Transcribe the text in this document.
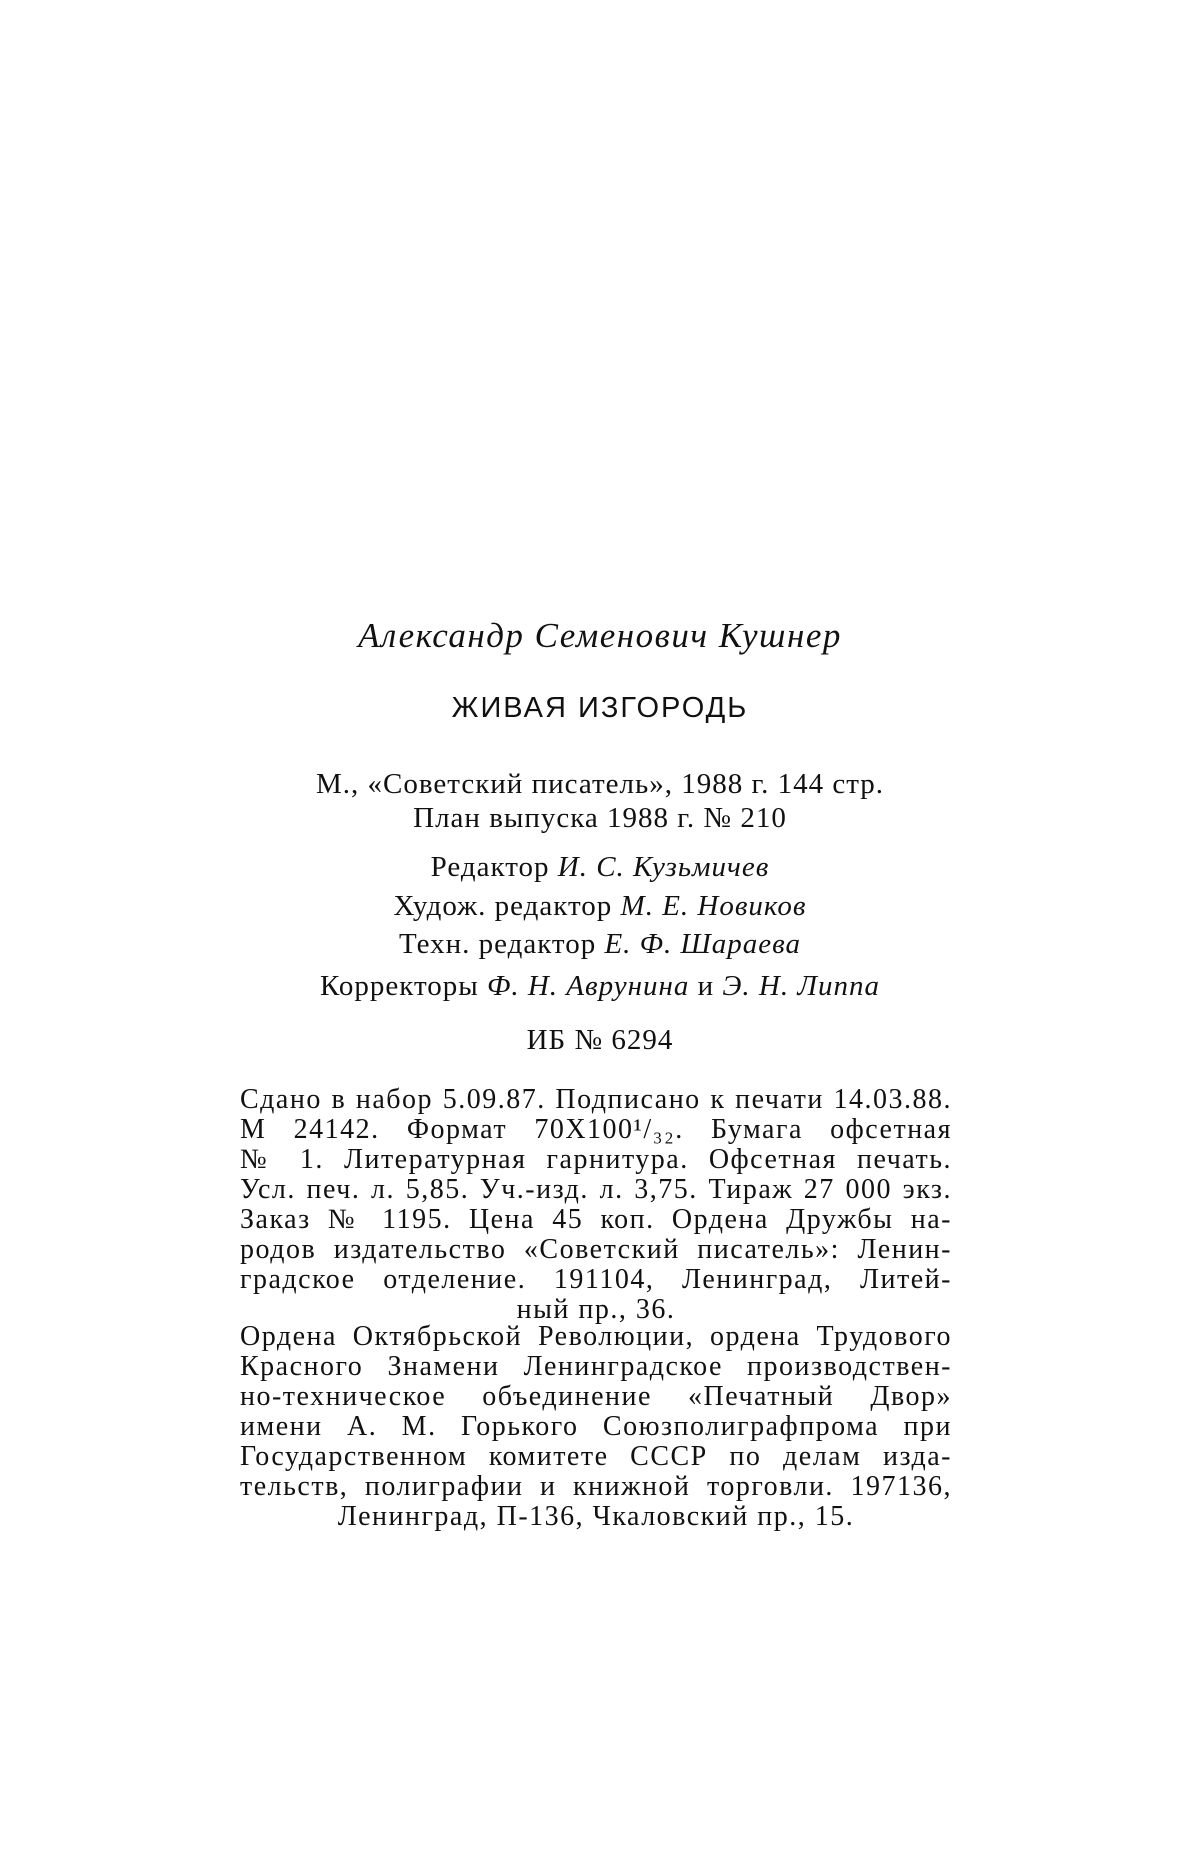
Александр Семенович Кушнер
ЖИВАЯ ИЗГОРОДЬ
М., «Советский писатель», 1988 г. 144 стр.
План выпуска 1988 г. № 210
Редактор И. С. Кузьмичев
Худож. редактор М. Е. Новиков
Техн. редактор Е. Ф. Шараева
Корректоры Ф. Н. Аврунина и Э. Н. Липпа
ИБ № 6294
Сдано в набор 5.09.87. Подписано к печати 14.03.88.
М 24142. Формат 70Х100¹/₃₂. Бумага офсетная
№ 1. Литературная гарнитура. Офсетная печать.
Усл. печ. л. 5,85. Уч.-изд. л. 3,75. Тираж 27 000 экз.
Заказ № 1195. Цена 45 коп. Ордена Дружбы на-
родов издательство «Советский писатель»: Ленин-
градское отделение. 191104, Ленинград, Литей-
ный пр., 36.
Ордена Октябрьской Революции, ордена Трудового
Красного Знамени Ленинградское производствен-
но-техническое объединение «Печатный Двор»
имени А. М. Горького Союзполиграфпрома при
Государственном комитете СССР по делам изда-
тельств, полиграфии и книжной торговли. 197136,
Ленинград, П-136, Чкаловский пр., 15.
